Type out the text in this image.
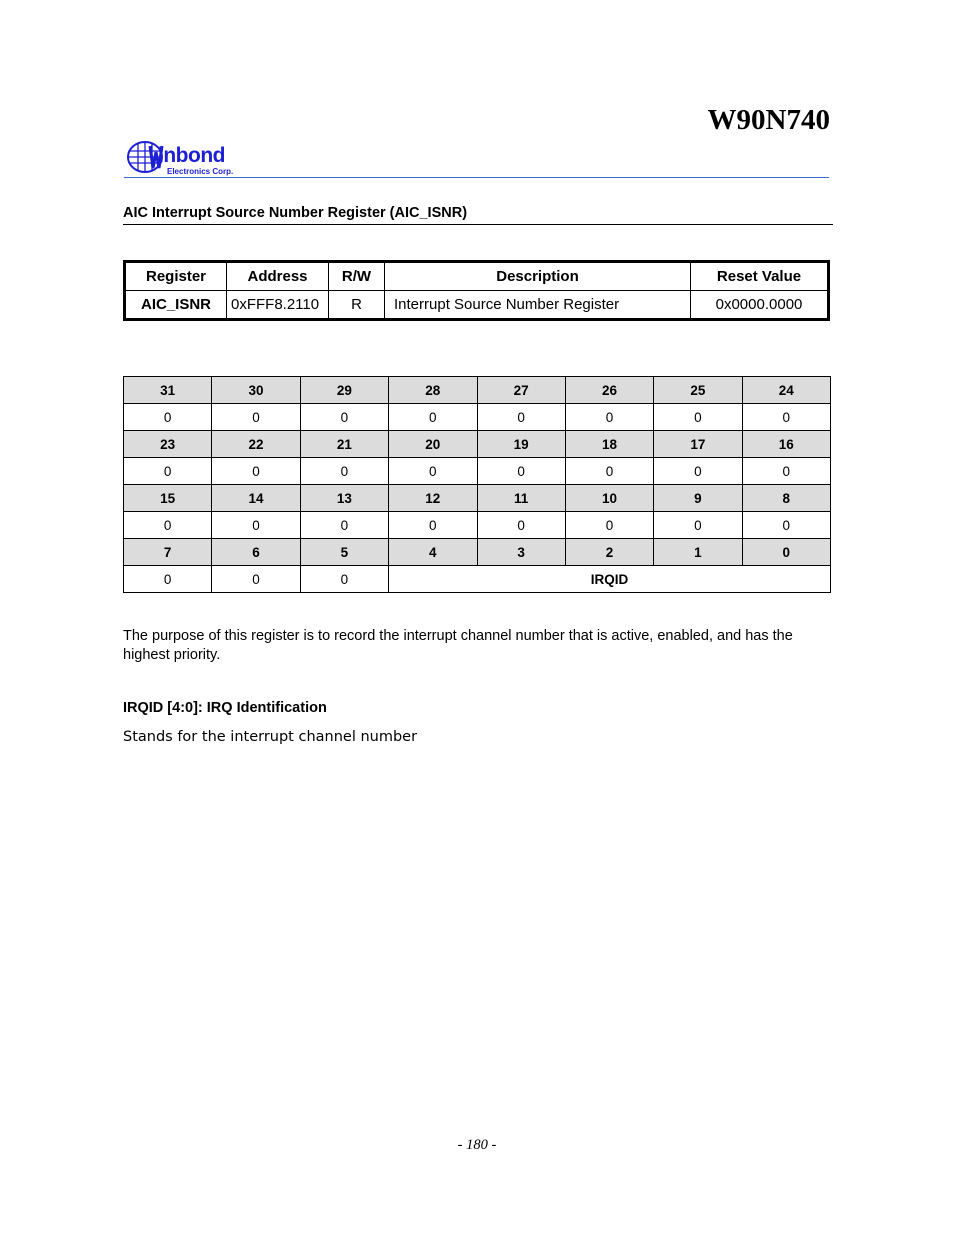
W90N740
inbond
Electronics Corp.
AIC Interrupt Source Number Register (AIC_ISNR)
Register	Address	R/W	Description	Reset Value
AIC_ISNR	0xFFF8.2110	R	Interrupt Source Number Register	0x0000.0000
31	30	29	28	27	26	25	24
0	0	0	0	0	0	0	0
23	22	21	20	19	18	17	16
0	0	0	0	0	0	0	0
15	14	13	12	11	10	9	8
0	0	0	0	0	0	0	0
7	6	5	4	3	2	1	0
0	0	0	IRQID				
The purpose of this register is to record the interrupt channel number that is active, enabled, and has the highest priority.
IRQID [4:0]: IRQ Identification
Stands for the interrupt channel number
- 180 -
